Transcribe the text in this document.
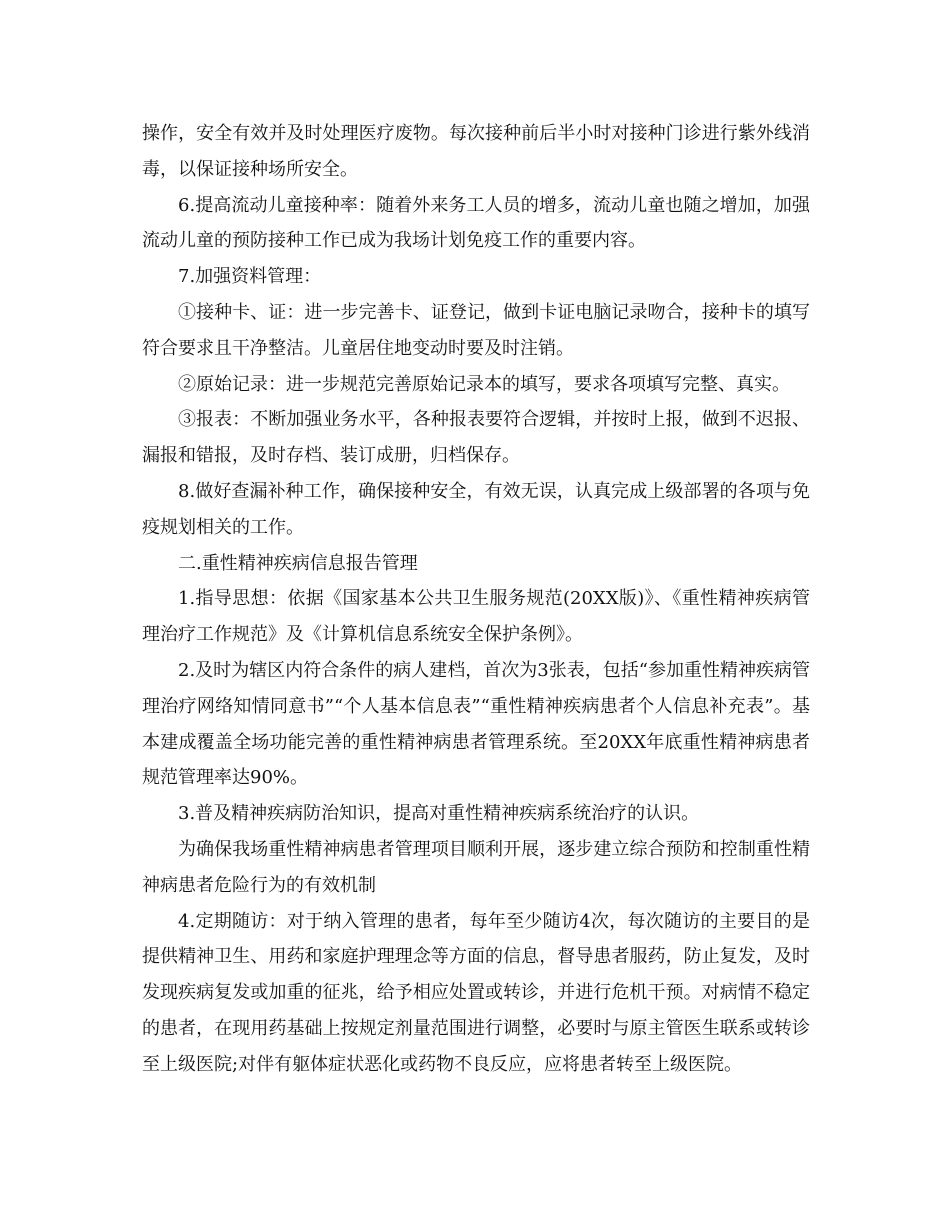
操作，安全有效并及时处理医疗废物。每次接种前后半小时对接种门诊进行紫外线消毒，以保证接种场所安全。

6.提高流动儿童接种率：随着外来务工人员的增多，流动儿童也随之增加，加强流动儿童的预防接种工作已成为我场计划免疫工作的重要内容。

7.加强资料管理：

①接种卡、证：进一步完善卡、证登记，做到卡证电脑记录吻合，接种卡的填写符合要求且干净整洁。儿童居住地变动时要及时注销。

②原始记录：进一步规范完善原始记录本的填写，要求各项填写完整、真实。

③报表：不断加强业务水平，各种报表要符合逻辑，并按时上报，做到不迟报、漏报和错报，及时存档、装订成册，归档保存。

8.做好查漏补种工作，确保接种安全，有效无误，认真完成上级部署的各项与免疫规划相关的工作。

二.重性精神疾病信息报告管理

1.指导思想：依据《国家基本公共卫生服务规范(20XX版)》、《重性精神疾病管理治疗工作规范》及《计算机信息系统安全保护条例》。

2.及时为辖区内符合条件的病人建档，首次为3张表，包括“参加重性精神疾病管理治疗网络知情同意书”“个人基本信息表”“重性精神疾病患者个人信息补充表”。基本建成覆盖全场功能完善的重性精神病患者管理系统。至20XX年底重性精神病患者规范管理率达90%。

3.普及精神疾病防治知识，提高对重性精神疾病系统治疗的认识。

为确保我场重性精神病患者管理项目顺利开展，逐步建立综合预防和控制重性精神病患者危险行为的有效机制

4.定期随访：对于纳入管理的患者，每年至少随访4次，每次随访的主要目的是提供精神卫生、用药和家庭护理理念等方面的信息，督导患者服药，防止复发，及时发现疾病复发或加重的征兆，给予相应处置或转诊，并进行危机干预。对病情不稳定的患者，在现用药基础上按规定剂量范围进行调整，必要时与原主管医生联系或转诊至上级医院;对伴有躯体症状恶化或药物不良反应，应将患者转至上级医院。
